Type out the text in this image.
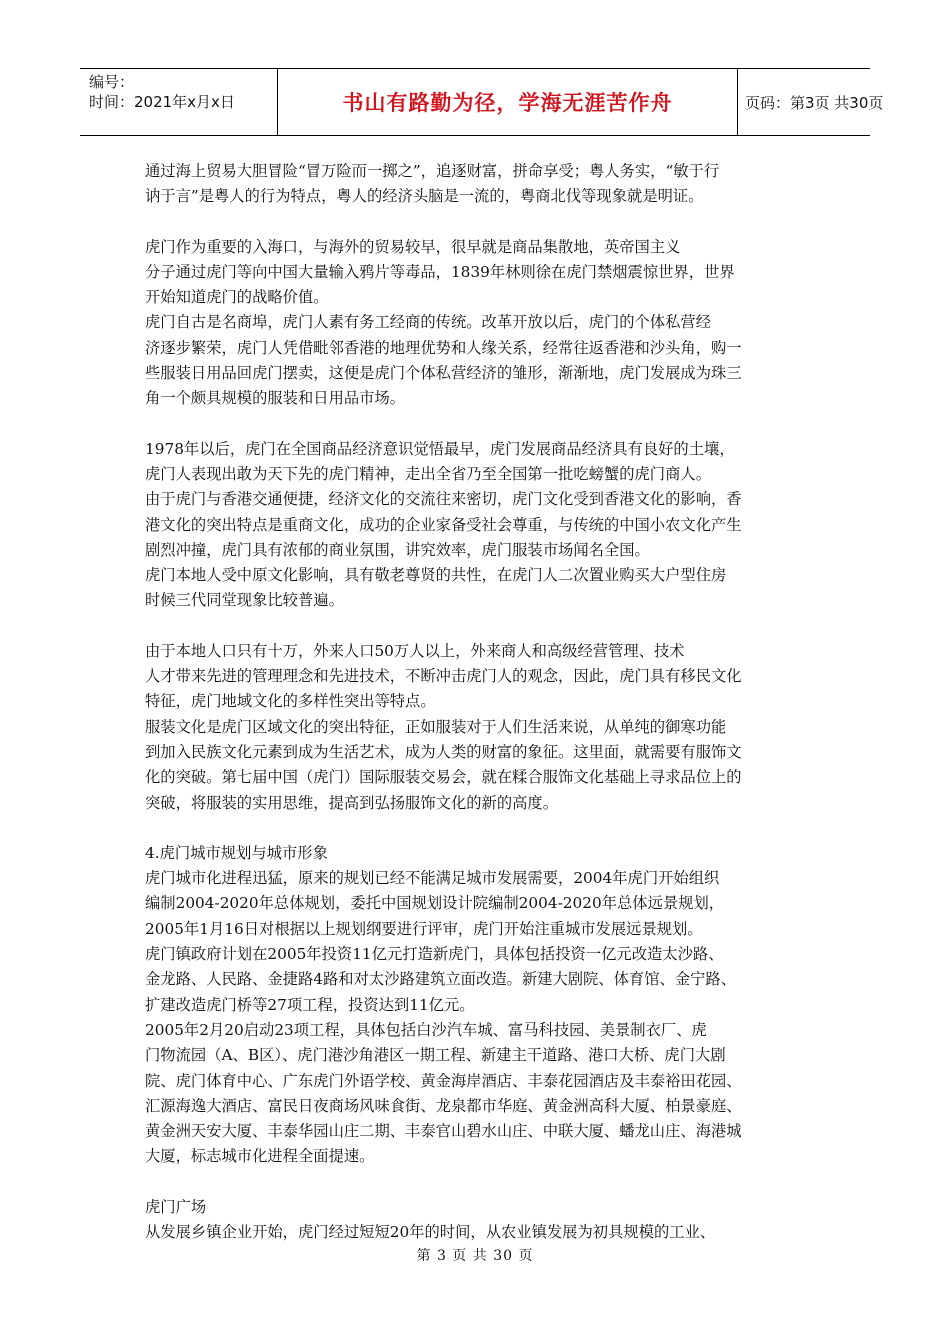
编号：
时间：2021年x月x日	书山有路勤为径，学海无涯苦作舟	页码：第3页 共30页

通过海上贸易大胆冒险“冒万险而一掷之”，追逐财富，拼命享受；粤人务实，“敏于行

讷于言”是粤人的行为特点，粤人的经济头脑是一流的，粤商北伐等现象就是明证。

虎门作为重要的入海口，与海外的贸易较早，很早就是商品集散地，英帝国主义

分子通过虎门等向中国大量输入鸦片等毒品，1839年林则徐在虎门禁烟震惊世界，世界

开始知道虎门的战略价值。

虎门自古是名商埠，虎门人素有务工经商的传统。改革开放以后，虎门的个体私营经

济逐步繁荣，虎门人凭借毗邻香港的地理优势和人缘关系，经常往返香港和沙头角，购一

些服装日用品回虎门摆卖，这便是虎门个体私营经济的雏形，渐渐地，虎门发展成为珠三

角一个颇具规模的服装和日用品市场。

1978年以后，虎门在全国商品经济意识觉悟最早，虎门发展商品经济具有良好的土壤，

虎门人表现出敢为天下先的虎门精神，走出全省乃至全国第一批吃螃蟹的虎门商人。

由于虎门与香港交通便捷，经济文化的交流往来密切，虎门文化受到香港文化的影响，香

港文化的突出特点是重商文化，成功的企业家备受社会尊重，与传统的中国小农文化产生

剧烈冲撞，虎门具有浓郁的商业氛围，讲究效率，虎门服装市场闻名全国。

虎门本地人受中原文化影响，具有敬老尊贤的共性，在虎门人二次置业购买大户型住房

时候三代同堂现象比较普遍。

由于本地人口只有十万，外来人口50万人以上，外来商人和高级经营管理、技术

人才带来先进的管理理念和先进技术，不断冲击虎门人的观念，因此，虎门具有移民文化

特征，虎门地域文化的多样性突出等特点。

服装文化是虎门区域文化的突出特征，正如服装对于人们生活来说，从单纯的御寒功能

到加入民族文化元素到成为生活艺术，成为人类的财富的象征。这里面，就需要有服饰文

化的突破。第七届中国（虎门）国际服装交易会，就在糅合服饰文化基础上寻求品位上的

突破，将服装的实用思维，提高到弘扬服饰文化的新的高度。

4.虎门城市规划与城市形象

虎门城市化进程迅猛，原来的规划已经不能满足城市发展需要，2004年虎门开始组织

编制2004-2020年总体规划，委托中国规划设计院编制2004-2020年总体远景规划，

2005年1月16日对根据以上规划纲要进行评审，虎门开始注重城市发展远景规划。

虎门镇政府计划在2005年投资11亿元打造新虎门，具体包括投资一亿元改造太沙路、

金龙路、人民路、金捷路4路和对太沙路建筑立面改造。新建大剧院、体育馆、金宁路、

扩建改造虎门桥等27项工程，投资达到11亿元。

2005年2月20启动23项工程，具体包括白沙汽车城、富马科技园、美景制衣厂、虎

门物流园（A、B区）、虎门港沙角港区一期工程、新建主干道路、港口大桥、虎门大剧

院、虎门体育中心、广东虎门外语学校、黄金海岸酒店、丰泰花园酒店及丰泰裕田花园、

汇源海逸大酒店、富民日夜商场风味食街、龙泉都市华庭、黄金洲高科大厦、柏景豪庭、

黄金洲天安大厦、丰泰华园山庄二期、丰泰官山碧水山庄、中联大厦、蟠龙山庄、海港城

大厦，标志城市化进程全面提速。

虎门广场

从发展乡镇企业开始，虎门经过短短20年的时间，从农业镇发展为初具规模的工业、

第 3 页 共 30 页
